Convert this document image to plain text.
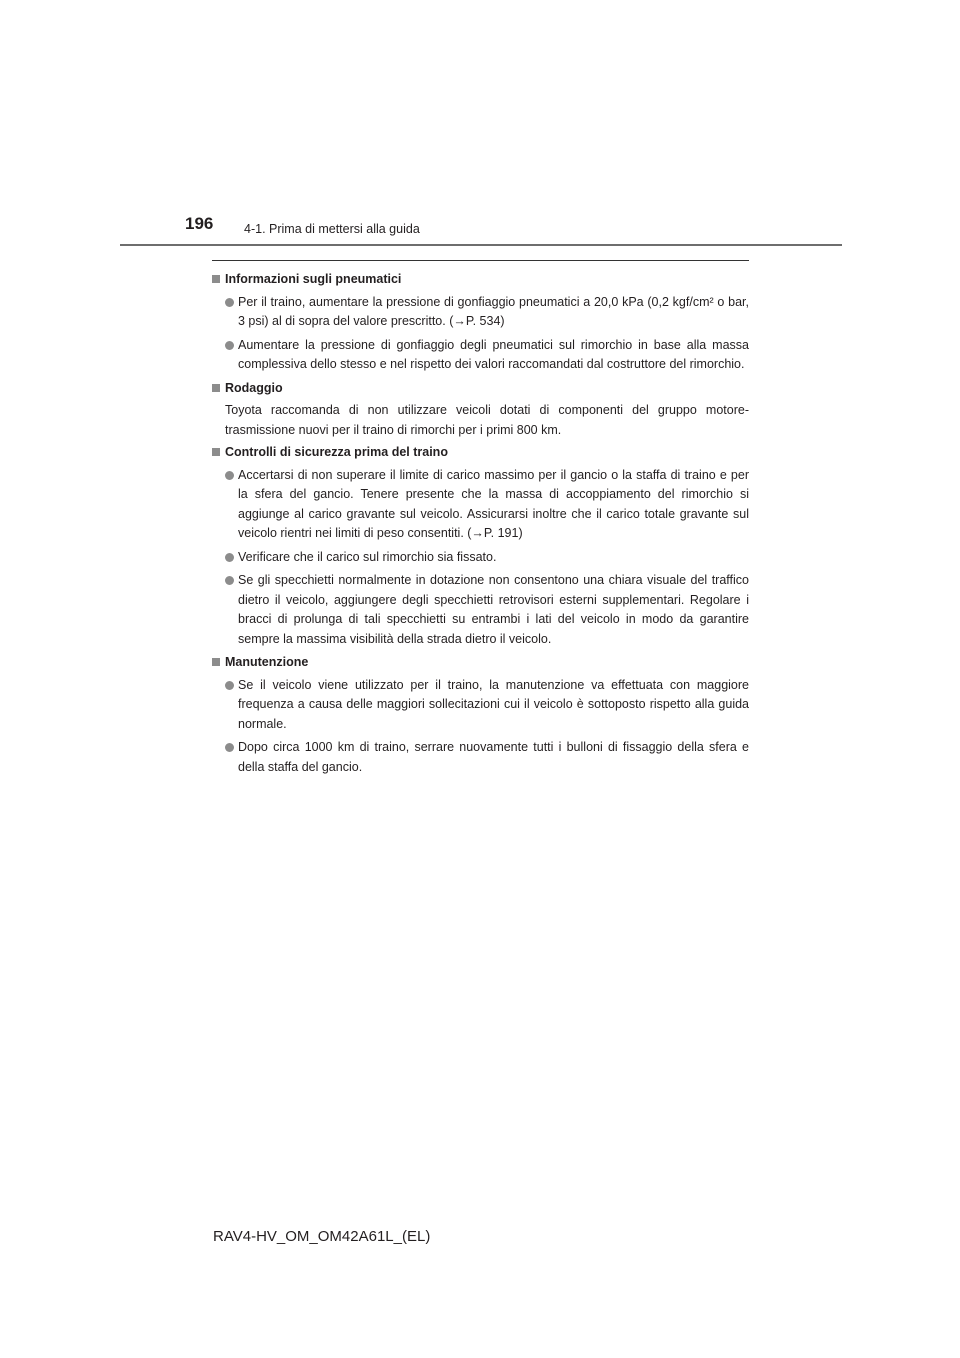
196 4-1. Prima di mettersi alla guida
Informazioni sugli pneumatici
Per il traino, aumentare la pressione di gonfiaggio pneumatici a 20,0 kPa (0,2 kgf/cm² o bar, 3 psi) al di sopra del valore prescritto. (→P. 534)
Aumentare la pressione di gonfiaggio degli pneumatici sul rimorchio in base alla massa complessiva dello stesso e nel rispetto dei valori raccomandati dal costruttore del rimorchio.
Rodaggio
Toyota raccomanda di non utilizzare veicoli dotati di componenti del gruppo motore-trasmissione nuovi per il traino di rimorchi per i primi 800 km.
Controlli di sicurezza prima del traino
Accertarsi di non superare il limite di carico massimo per il gancio o la staffa di traino e per la sfera del gancio. Tenere presente che la massa di accoppiamento del rimorchio si aggiunge al carico gravante sul veicolo. Assicurarsi inoltre che il carico totale gravante sul veicolo rientri nei limiti di peso consentiti. (→P. 191)
Verificare che il carico sul rimorchio sia fissato.
Se gli specchietti normalmente in dotazione non consentono una chiara visuale del traffico dietro il veicolo, aggiungere degli specchietti retrovisori esterni supplementari. Regolare i bracci di prolunga di tali specchietti su entrambi i lati del veicolo in modo da garantire sempre la massima visibilità della strada dietro il veicolo.
Manutenzione
Se il veicolo viene utilizzato per il traino, la manutenzione va effettuata con maggiore frequenza a causa delle maggiori sollecitazioni cui il veicolo è sottoposto rispetto alla guida normale.
Dopo circa 1000 km di traino, serrare nuovamente tutti i bulloni di fissaggio della sfera e della staffa del gancio.
RAV4-HV_OM_OM42A61L_(EL)
